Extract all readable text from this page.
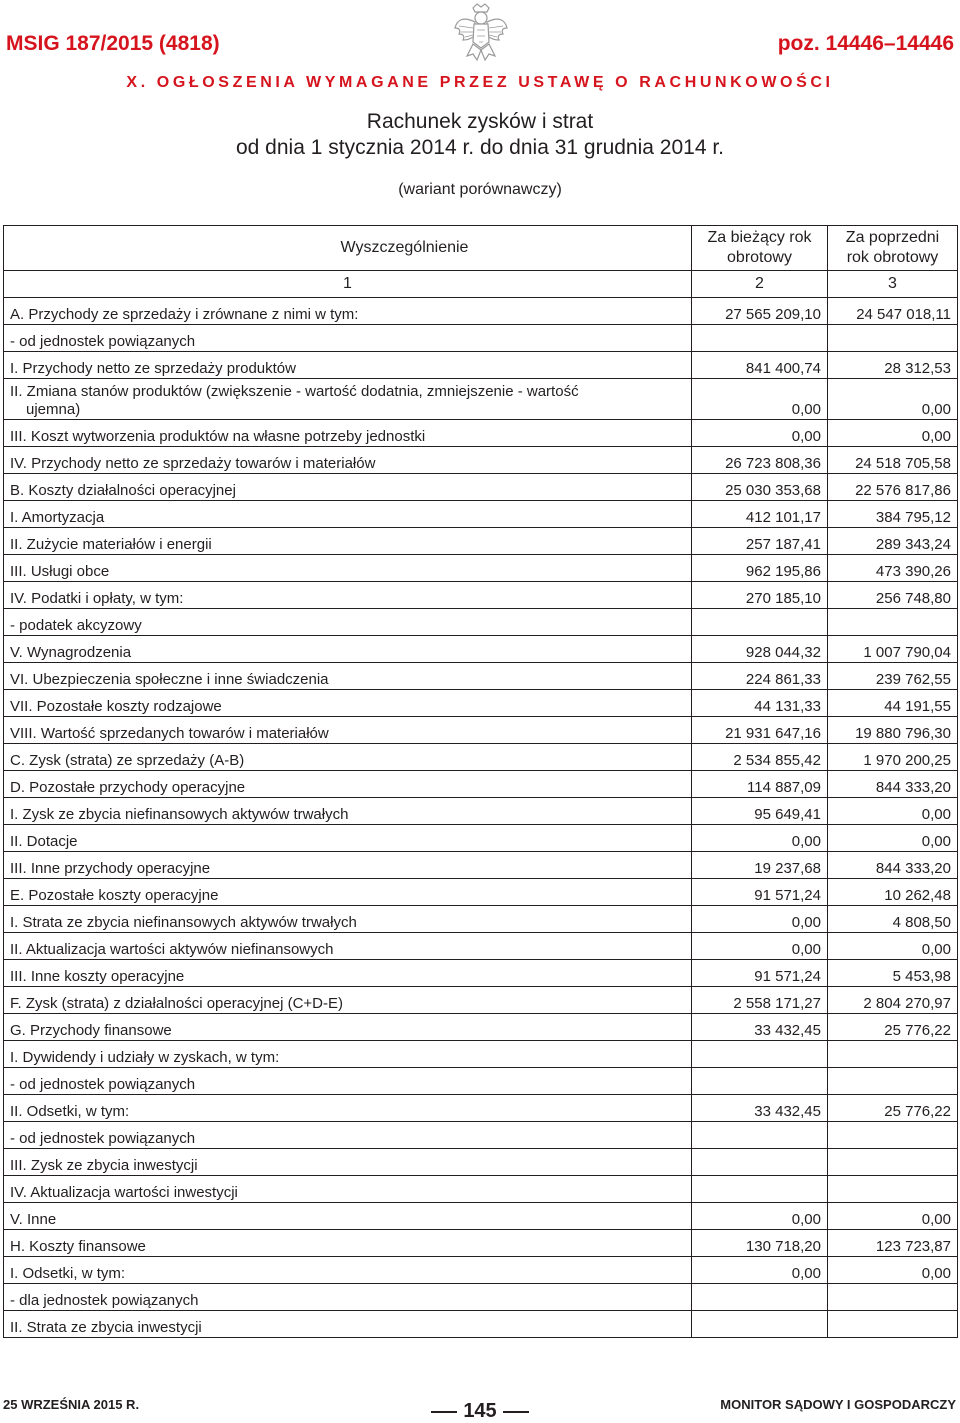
MSIG 187/2015 (4818)	poz. 14446–14446
X. OGŁOSZENIA WYMAGANE PRZEZ USTAWĘ O RACHUNKOWOŚCI
Rachunek zysków i strat
od dnia 1 stycznia 2014 r. do dnia 31 grudnia 2014 r.
(wariant porównawczy)
Wyszczególnienie	Za bieżący rok obrotowy	Za poprzedni rok obrotowy
1	2	3
A. Przychody ze sprzedaży i zrównane z nimi w tym:	27 565 209,10	24 547 018,11
- od jednostek powiązanych		
I. Przychody netto ze sprzedaży produktów	841 400,74	28 312,53
II. Zmiana stanów produktów (zwiększenie - wartość dodatnia, zmniejszenie - wartość
ujemna)	0,00	0,00
III. Koszt wytworzenia produktów na własne potrzeby jednostki	0,00	0,00
IV. Przychody netto ze sprzedaży towarów i materiałów	26 723 808,36	24 518 705,58
B. Koszty działalności operacyjnej	25 030 353,68	22 576 817,86
I. Amortyzacja	412 101,17	384 795,12
II. Zużycie materiałów i energii	257 187,41	289 343,24
III. Usługi obce	962 195,86	473 390,26
IV. Podatki i opłaty, w tym:	270 185,10	256 748,80
- podatek akcyzowy		
V. Wynagrodzenia	928 044,32	1 007 790,04
VI. Ubezpieczenia społeczne i inne świadczenia	224 861,33	239 762,55
VII. Pozostałe koszty rodzajowe	44 131,33	44 191,55
VIII. Wartość sprzedanych towarów i materiałów	21 931 647,16	19 880 796,30
C. Zysk (strata) ze sprzedaży (A-B)	2 534 855,42	1 970 200,25
D. Pozostałe przychody operacyjne	114 887,09	844 333,20
I. Zysk ze zbycia niefinansowych aktywów trwałych	95 649,41	0,00
II. Dotacje	0,00	0,00
III. Inne przychody operacyjne	19 237,68	844 333,20
E. Pozostałe koszty operacyjne	91 571,24	10 262,48
I. Strata ze zbycia niefinansowych aktywów trwałych	0,00	4 808,50
II. Aktualizacja wartości aktywów niefinansowych	0,00	0,00
III. Inne koszty operacyjne	91 571,24	5 453,98
F. Zysk (strata) z działalności operacyjnej (C+D-E)	2 558 171,27	2 804 270,97
G. Przychody finansowe	33 432,45	25 776,22
I. Dywidendy i udziały w zyskach, w tym:		
- od jednostek powiązanych		
II. Odsetki, w tym:	33 432,45	25 776,22
- od jednostek powiązanych		
III. Zysk ze zbycia inwestycji		
IV. Aktualizacja wartości inwestycji		
V. Inne	0,00	0,00
H. Koszty finansowe	130 718,20	123 723,87
I. Odsetki, w tym:	0,00	0,00
- dla jednostek powiązanych		
II. Strata ze zbycia inwestycji		
25 WRZEŚNIA 2015 R.	145	MONITOR SĄDOWY I GOSPODARCZY
